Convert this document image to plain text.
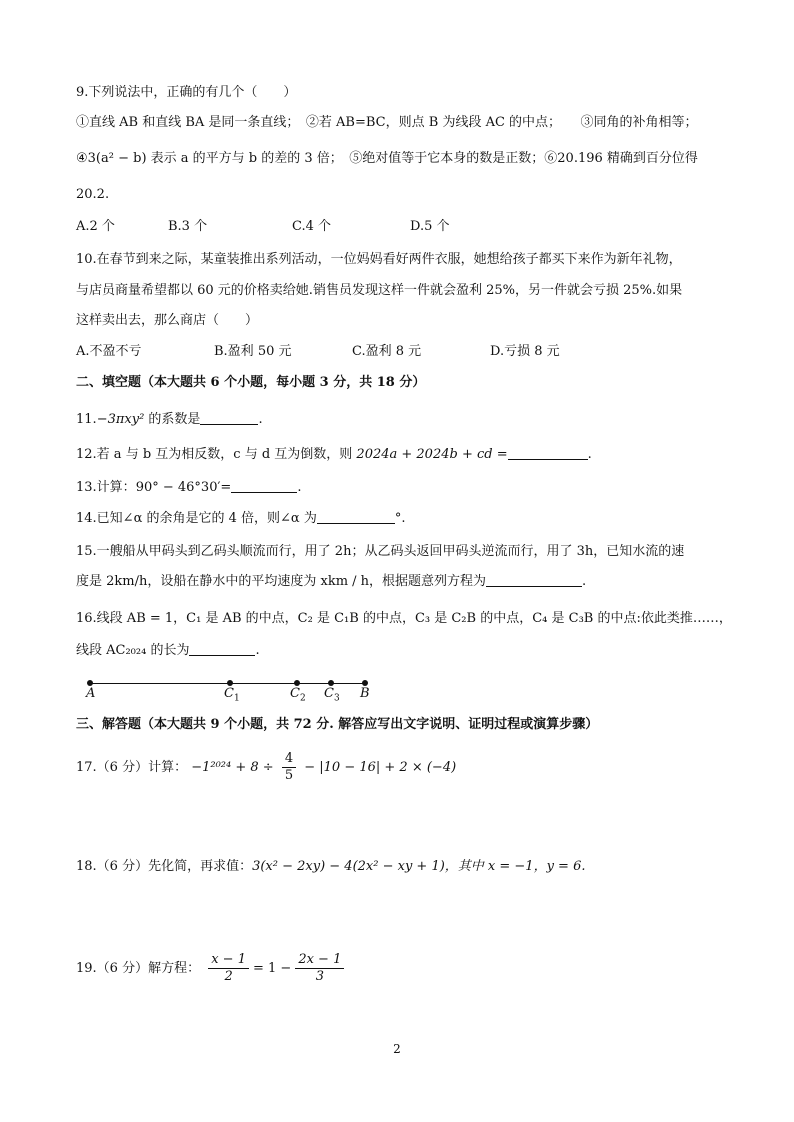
9.下列说法中，正确的有几个（　　）
①直线 AB 和直线 BA 是同一条直线；　②若 AB=BC，则点 B 为线段 AC 的中点；　　③同角的补角相等；
④3(a² − b) 表示 a 的平方与 b 的差的 3 倍；　⑤绝对值等于它本身的数是正数；⑥20.196 精确到百分位得
20.2.
A.2 个	B.3 个	C.4 个	D.5 个
10.在春节到来之际，某童装推出系列活动，一位妈妈看好两件衣服，她想给孩子都买下来作为新年礼物，
与店员商量希望都以 60 元的价格卖给她.销售员发现这样一件就会盈利 25%，另一件就会亏损 25%.如果
这样卖出去，那么商店（　　）
A.不盈不亏	B.盈利 50 元	C.盈利 8 元	D.亏损 8 元
二、填空题（本大题共 6 个小题，每小题 3 分，共 18 分）
11.−3πxy² 的系数是	.
12.若 a 与 b 互为相反数，c 与 d 互为倒数，则 2024a + 2024b + cd =	.
13.计算：90° − 46°30′=	.
14.已知∠α 的余角是它的 4 倍，则∠α 为	°.
15.一艘船从甲码头到乙码头顺流而行，用了 2h；从乙码头返回甲码头逆流而行，用了 3h，已知水流的速
度是 2km/h，设船在静水中的平均速度为 xkm / h，根据题意列方程为	.
16.线段 AB = 1，C₁ 是 AB 的中点，C₂ 是 C₁B 的中点，C₃ 是 C₂B 的中点，C₄ 是 C₃B 的中点:依此类推……，
线段 AC₂₀₂₄ 的长为	.
A	$C_1$	$C_2$ $C_3$ B
三、解答题（本大题共 9 个小题，共 72 分. 解答应写出文字说明、证明过程或演算步骤）
17.（6 分）计算： $-1^{2024} + 8 \div \frac{4}{5} - |10 - 16| + 2 \times (-4)$
18.（6 分）先化简，再求值：3(x² − 2xy) − 4(2x² − xy + 1)，其中 x = −1，y = 6.
19.（6 分）解方程： $\frac{x - 1}{2} = 1 - \frac{2x - 1}{3}$
2
